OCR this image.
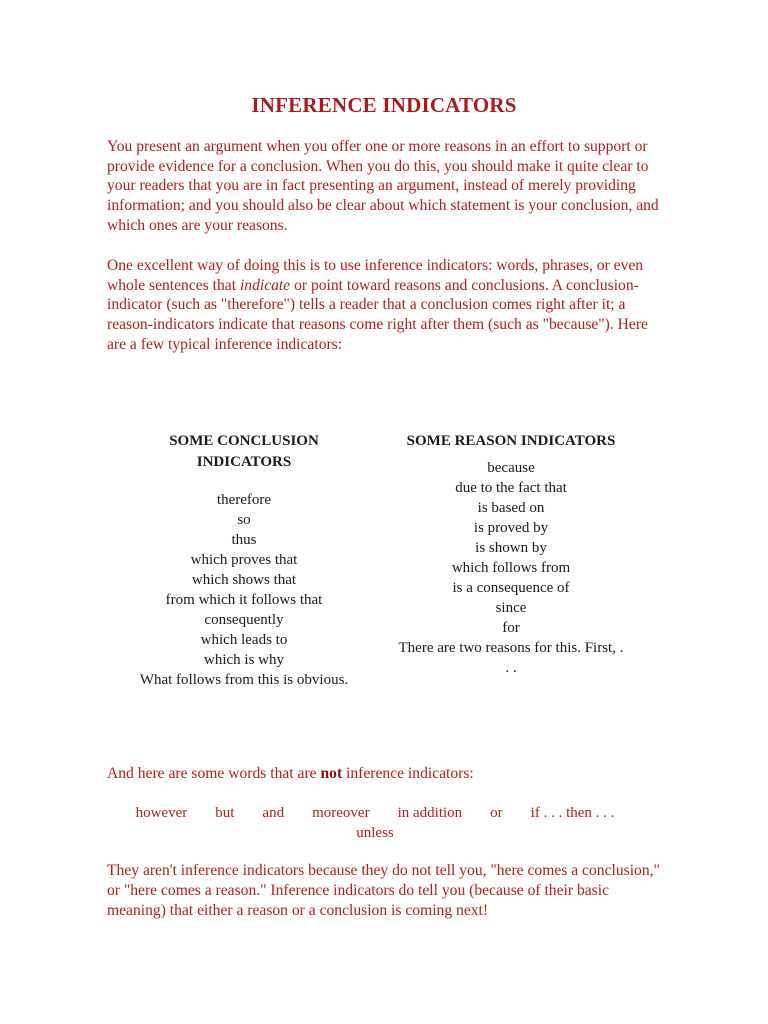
INFERENCE INDICATORS

You present an argument when you offer one or more reasons in an effort to support or provide evidence for a conclusion. When you do this, you should make it quite clear to your readers that you are in fact presenting an argument, instead of merely providing information; and you should also be clear about which statement is your conclusion, and which ones are your reasons.

One excellent way of doing this is to use inference indicators: words, phrases, or even whole sentences that indicate or point toward reasons and conclusions. A conclusion-indicator (such as "therefore") tells a reader that a conclusion comes right after it; a reason-indicators indicate that reasons come right after them (such as "because"). Here are a few typical inference indicators:

SOME CONCLUSION
INDICATORS
therefore
so
thus
which proves that
which shows that
from which it follows that
consequently
which leads to
which is why
What follows from this is obvious.
SOME REASON INDICATORS
because
due to the fact that
is based on
is proved by
is shown by
which follows from
is a consequence of
since
for
There are two reasons for this. First, .
. .

And here are some words that are not inference indicators:

however but and moreover in addition or if . . . then . . .
unless

They aren't inference indicators because they do not tell you, "here comes a conclusion," or "here comes a reason." Inference indicators do tell you (because of their basic meaning) that either a reason or a conclusion is coming next!
